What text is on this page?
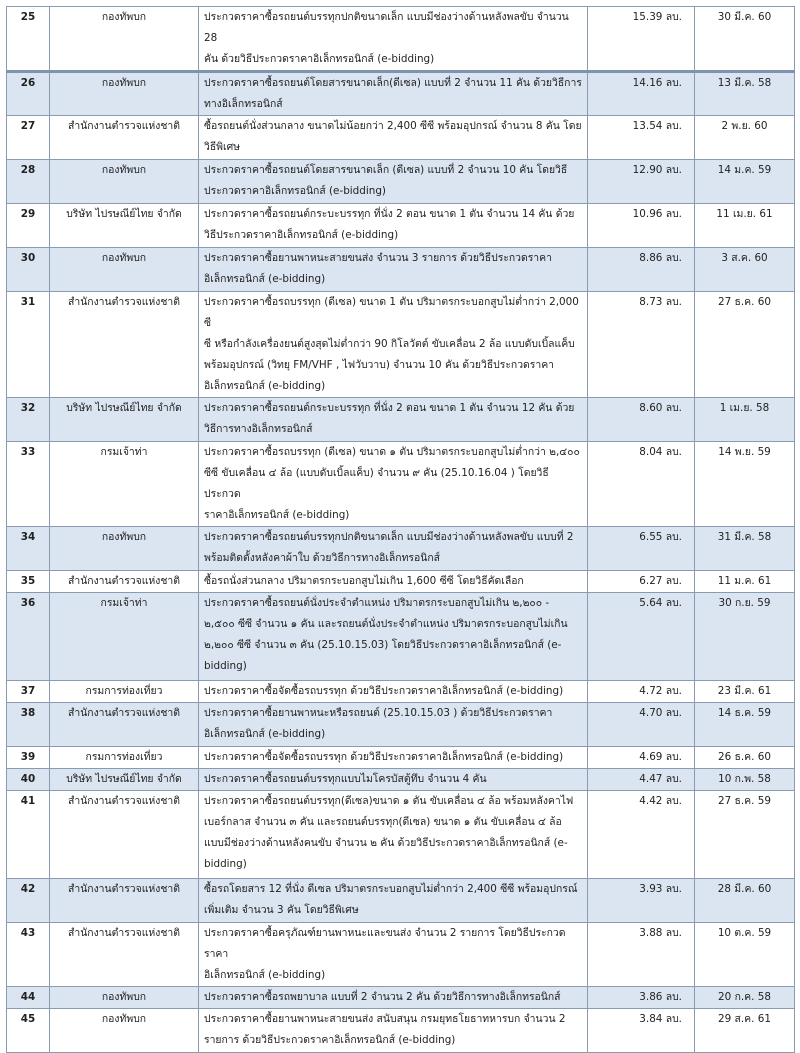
25	กองทัพบก	ประกวดราคาซื้อรถยนต์บรรทุกปกติขนาดเล็ก แบบมีช่องว่างด้านหลังพลขับ จำนวน 28
คัน ด้วยวิธีประกวดราคาอิเล็กทรอนิกส์ (e-bidding)	15.39 ลบ.	30 มี.ค. 60
26	กองทัพบก	ประกวดราคาซื้อรถยนต์โดยสารขนาดเล็ก(ดีเซล) แบบที่ 2 จำนวน 11 คัน ด้วยวิธีการ
ทางอิเล็กทรอนิกส์	14.16 ลบ.	13 มี.ค. 58
27	สำนักงานตำรวจแห่งชาติ	ซื้อรถยนต์นั่งส่วนกลาง ขนาดไม่น้อยกว่า 2,400 ซีซี พร้อมอุปกรณ์ จำนวน 8 คัน โดย
วิธีพิเศษ	13.54 ลบ.	2 พ.ย. 60
28	กองทัพบก	ประกวดราคาซื้อรถยนต์โดยสารขนาดเล็ก (ดีเซล) แบบที่ 2 จำนวน 10 คัน โดยวิธี
ประกวดราคาอิเล็กทรอนิกส์ (e-bidding)	12.90 ลบ.	14 ม.ค. 59
29	บริษัท ไปรษณีย์ไทย จำกัด	ประกวดราคาซื้อรถยนต์กระบะบรรทุก ที่นั่ง 2 ตอน ขนาด 1 ตัน จำนวน 14 คัน ด้วย
วิธีประกวดราคาอิเล็กทรอนิกส์ (e-bidding)	10.96 ลบ.	11 เม.ย. 61
30	กองทัพบก	ประกวดราคาซื้อยานพาหนะสายขนส่ง จำนวน 3 รายการ ด้วยวิธีประกวดราคา
อิเล็กทรอนิกส์ (e-bidding)	8.86 ลบ.	3 ส.ค. 60
31	สำนักงานตำรวจแห่งชาติ	ประกวดราคาซื้อรถบรรทุก (ดีเซล) ขนาด 1 ตัน ปริมาตรกระบอกสูบไม่ต่ำกว่า 2,000 ซี
ซี หรือกำลังเครื่องยนต์สูงสุดไม่ต่ำกว่า 90 กิโลวัตต์ ขับเคลื่อน 2 ล้อ แบบดับเบิ้ลแค็บ
พร้อมอุปกรณ์ (วิทยุ FM/VHF , ไฟวับวาบ) จำนวน 10 คัน ด้วยวิธีประกวดราคา
อิเล็กทรอนิกส์ (e-bidding)	8.73 ลบ.	27 ธ.ค. 60
32	บริษัท ไปรษณีย์ไทย จำกัด	ประกวดราคาซื้อรถยนต์กระบะบรรทุก ที่นั่ง 2 ตอน ขนาด 1 ตัน จำนวน 12 คัน ด้วย
วิธีการทางอิเล็กทรอนิกส์	8.60 ลบ.	1 เม.ย. 58
33	กรมเจ้าท่า	ประกวดราคาซื้อรถบรรทุก (ดีเซล) ขนาด ๑ ตัน ปริมาตรกระบอกสูบไม่ต่ำกว่า ๒,๔๐๐
ซีซี ขับเคลื่อน ๔ ล้อ (แบบดับเบิ้ลแค็บ) จำนวน ๙ คัน (25.10.16.04 ) โดยวิธีประกวด
ราคาอิเล็กทรอนิกส์ (e-bidding)	8.04 ลบ.	14 พ.ย. 59
34	กองทัพบก	ประกวดราคาซื้อรถยนต์บรรทุกปกติขนาดเล็ก แบบมีช่องว่างด้านหลังพลขับ แบบที่ 2
พร้อมติดตั้งหลังคาผ้าใบ ด้วยวิธีการทางอิเล็กทรอนิกส์	6.55 ลบ.	31 มี.ค. 58
35	สำนักงานตำรวจแห่งชาติ	ซื้อรถนั่งส่วนกลาง ปริมาตรกระบอกสูบไม่เกิน 1,600 ซีซี โดยวิธีคัดเลือก	6.27 ลบ.	11 ม.ค. 61
36	กรมเจ้าท่า	ประกวดราคาซื้อรถยนต์นั่งประจำตำแหน่ง ปริมาตรกระบอกสูบไม่เกิน ๒,๒๐๐ -
๒,๕๐๐ ซีซี จำนวน ๑ คัน และรถยนต์นั่งประจำตำแหน่ง ปริมาตรกระบอกสูบไม่เกิน
๒,๒๐๐ ซีซี จำนวน ๓ คัน (25.10.15.03) โดยวิธีประกวดราคาอิเล็กทรอนิกส์ (e-
bidding)	5.64 ลบ.	30 ก.ย. 59
37	กรมการท่องเที่ยว	ประกวดราคาซื้อจัดซื้อรถบรรทุก ด้วยวิธีประกวดราคาอิเล็กทรอนิกส์ (e-bidding)	4.72 ลบ.	23 มี.ค. 61
38	สำนักงานตำรวจแห่งชาติ	ประกวดราคาซื้อยานพาหนะหรือรถยนต์ (25.10.15.03 ) ด้วยวิธีประกวดราคา
อิเล็กทรอนิกส์ (e-bidding)	4.70 ลบ.	14 ธ.ค. 59
39	กรมการท่องเที่ยว	ประกวดราคาซื้อจัดซื้อรถบรรทุก ด้วยวิธีประกวดราคาอิเล็กทรอนิกส์ (e-bidding)	4.69 ลบ.	26 ธ.ค. 60
40	บริษัท ไปรษณีย์ไทย จำกัด	ประกวดราคาซื้อรถยนต์บรรทุกแบบไมโครบัสตู้ทึบ จำนวน 4 คัน	4.47 ลบ.	10 ก.พ. 58
41	สำนักงานตำรวจแห่งชาติ	ประกวดราคาซื้อรถยนต์บรรทุก(ดีเซล)ขนาด ๑ ตัน ขับเคลื่อน ๔ ล้อ พร้อมหลังคาไฟ
เบอร์กลาส จำนวน ๓ คัน และรถยนต์บรรทุก(ดีเซล) ขนาด ๑ ตัน ขับเคลื่อน ๔ ล้อ
แบบมีช่องว่างด้านหลังคนขับ จำนวน ๒ คัน ด้วยวิธีประกวดราคาอิเล็กทรอนิกส์ (e-
bidding)	4.42 ลบ.	27 ธ.ค. 59
42	สำนักงานตำรวจแห่งชาติ	ซื้อรถโดยสาร 12 ที่นั่ง ดีเซล ปริมาตรกระบอกสูบไม่ต่ำกว่า 2,400 ซีซี พร้อมอุปกรณ์
เพิ่มเติม จำนวน 3 คัน โดยวิธีพิเศษ	3.93 ลบ.	28 มี.ค. 60
43	สำนักงานตำรวจแห่งชาติ	ประกวดราคาซื้อครุภัณฑ์ยานพาหนะและขนส่ง จำนวน 2 รายการ โดยวิธีประกวดราคา
อิเล็กทรอนิกส์ (e-bidding)	3.88 ลบ.	10 ต.ค. 59
44	กองทัพบก	ประกวดราคาซื้อรถพยาบาล แบบที่ 2 จำนวน 2 คัน ด้วยวิธีการทางอิเล็กทรอนิกส์	3.86 ลบ.	20 ก.ค. 58
45	กองทัพบก	ประกวดราคาซื้อยานพาหนะสายขนส่ง สนับสนุน กรมยุทธโยธาทหารบก จำนวน 2
รายการ ด้วยวิธีประกวดราคาอิเล็กทรอนิกส์ (e-bidding)	3.84 ลบ.	29 ส.ค. 61
